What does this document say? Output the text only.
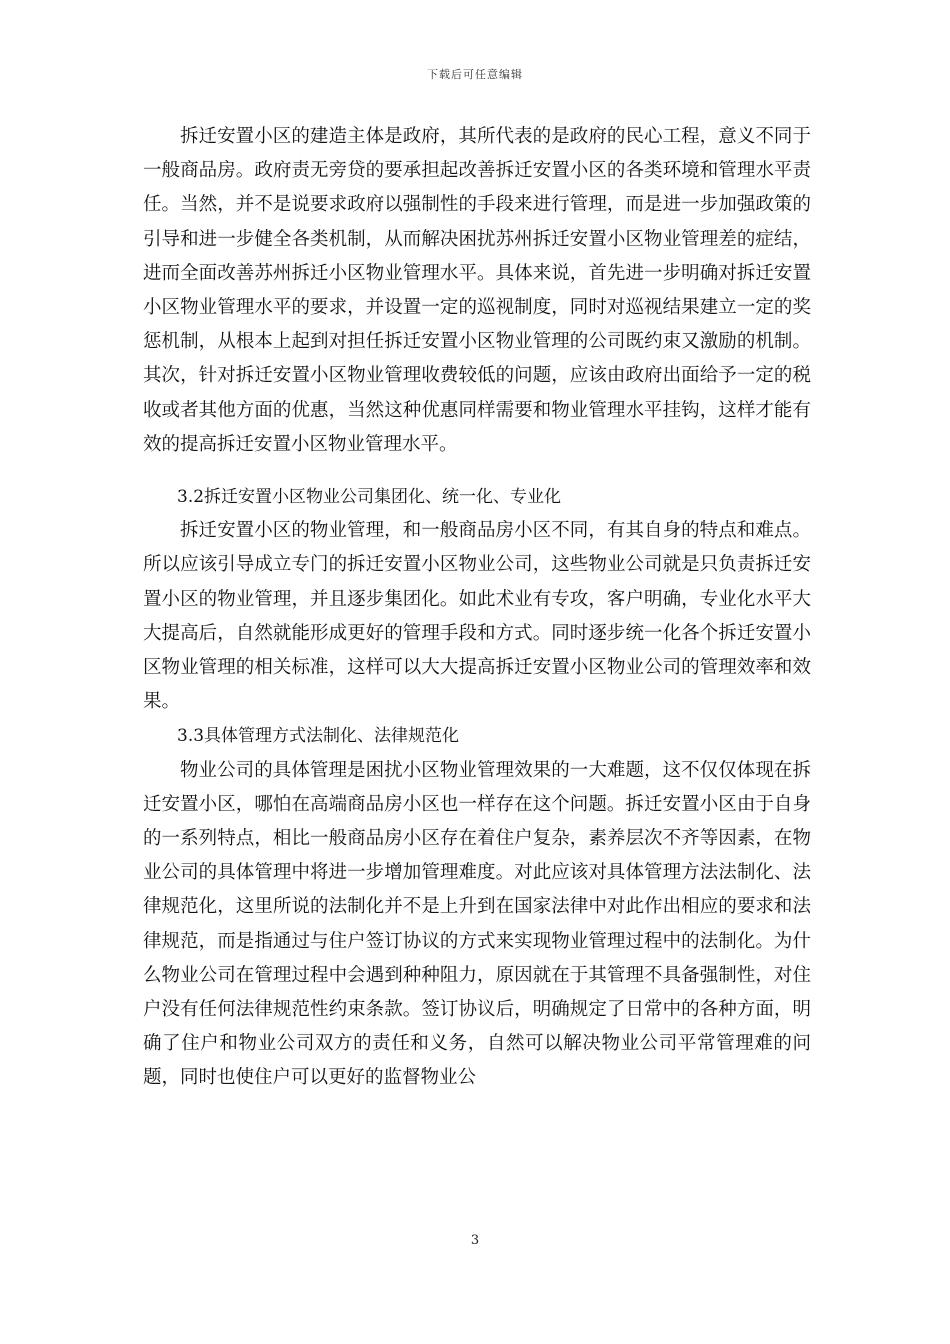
下载后可任意编辑

拆迁安置小区的建造主体是政府，其所代表的是政府的民心工程，意义不同于一般商品房。政府责无旁贷的要承担起改善拆迁安置小区的各类环境和管理水平责任。当然，并不是说要求政府以强制性的手段来进行管理，而是进一步加强政策的引导和进一步健全各类机制，从而解决困扰苏州拆迁安置小区物业管理差的症结，进而全面改善苏州拆迁小区物业管理水平。具体来说，首先进一步明确对拆迁安置小区物业管理水平的要求，并设置一定的巡视制度，同时对巡视结果建立一定的奖惩机制，从根本上起到对担任拆迁安置小区物业管理的公司既约束又激励的机制。其次，针对拆迁安置小区物业管理收费较低的问题，应该由政府出面给予一定的税收或者其他方面的优惠，当然这种优惠同样需要和物业管理水平挂钩，这样才能有效的提高拆迁安置小区物业管理水平。

3.2拆迁安置小区物业公司集团化、统一化、专业化

拆迁安置小区的物业管理，和一般商品房小区不同，有其自身的特点和难点。所以应该引导成立专门的拆迁安置小区物业公司，这些物业公司就是只负责拆迁安置小区的物业管理，并且逐步集团化。如此术业有专攻，客户明确，专业化水平大大提高后，自然就能形成更好的管理手段和方式。同时逐步统一化各个拆迁安置小区物业管理的相关标准，这样可以大大提高拆迁安置小区物业公司的管理效率和效果。

3.3具体管理方式法制化、法律规范化

物业公司的具体管理是困扰小区物业管理效果的一大难题，这不仅仅体现在拆迁安置小区，哪怕在高端商品房小区也一样存在这个问题。拆迁安置小区由于自身的一系列特点，相比一般商品房小区存在着住户复杂，素养层次不齐等因素，在物业公司的具体管理中将进一步增加管理难度。对此应该对具体管理方法法制化、法律规范化，这里所说的法制化并不是上升到在国家法律中对此作出相应的要求和法律规范，而是指通过与住户签订协议的方式来实现物业管理过程中的法制化。为什么物业公司在管理过程中会遇到种种阻力，原因就在于其管理不具备强制性，对住户没有任何法律规范性约束条款。签订协议后，明确规定了日常中的各种方面，明确了住户和物业公司双方的责任和义务，自然可以解决物业公司平常管理难的问题，同时也使住户可以更好的监督物业公

3
